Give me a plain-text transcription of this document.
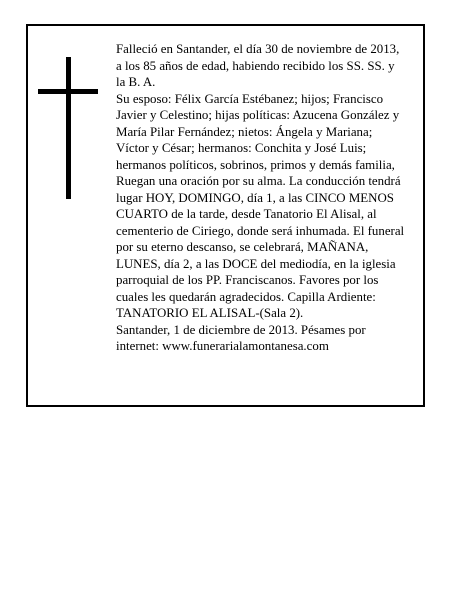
Falleció en Santander, el día 30 de noviembre de 2013,
a los 85 años de edad, habiendo recibido los SS. SS. y
la B. A.
Su esposo: Félix García Estébanez; hijos; Francisco
Javier y Celestino; hijas políticas: Azucena González y
María Pilar Fernández; nietos: Ángela y Mariana;
Víctor y César; hermanos: Conchita y José Luis;
hermanos políticos, sobrinos, primos y demás familia,
Ruegan una oración por su alma. La conducción tendrá
lugar HOY, DOMINGO, día 1, a las CINCO MENOS
CUARTO de la tarde, desde Tanatorio El Alisal, al
cementerio de Ciriego, donde será inhumada. El funeral
por su eterno descanso, se celebrará, MAÑANA,
LUNES, día 2, a las DOCE del mediodía, en la iglesia
parroquial de los PP. Franciscanos. Favores por los
cuales les quedarán agradecidos. Capilla Ardiente:
TANATORIO EL ALISAL-(Sala 2).
Santander, 1 de diciembre de 2013. Pésames por
internet: www.funerarialamontanesa.com
